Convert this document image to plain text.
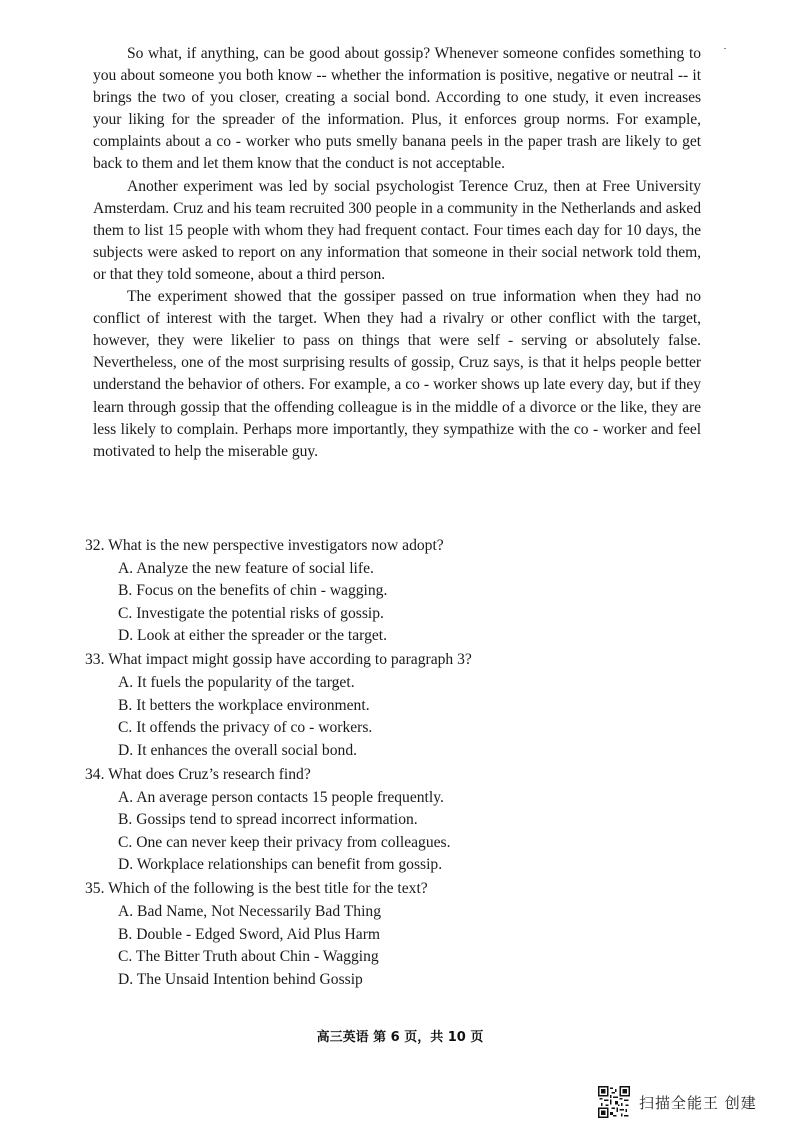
So what, if anything, can be good about gossip? Whenever someone confides something to you about someone you both know -- whether the information is positive, negative or neutral -- it brings the two of you closer, creating a social bond. According to one study, it even increases your liking for the spreader of the information. Plus, it enforces group norms. For example, complaints about a co - worker who puts smelly banana peels in the paper trash are likely to get back to them and let them know that the conduct is not acceptable.

Another experiment was led by social psychologist Terence Cruz, then at Free University Amsterdam. Cruz and his team recruited 300 people in a community in the Netherlands and asked them to list 15 people with whom they had frequent contact. Four times each day for 10 days, the subjects were asked to report on any information that someone in their social network told them, or that they told someone, about a third person.

The experiment showed that the gossiper passed on true information when they had no conflict of interest with the target. When they had a rivalry or other conflict with the target, however, they were likelier to pass on things that were self - serving or absolutely false. Nevertheless, one of the most surprising results of gossip, Cruz says, is that it helps people better understand the behavior of others. For example, a co - worker shows up late every day, but if they learn through gossip that the offending colleague is in the middle of a divorce or the like, they are less likely to complain. Perhaps more importantly, they sympathize with the co - worker and feel motivated to help the miserable guy.

32. What is the new perspective investigators now adopt?

A. Analyze the new feature of social life.

B. Focus on the benefits of chin - wagging.

C. Investigate the potential risks of gossip.

D. Look at either the spreader or the target.

33. What impact might gossip have according to paragraph 3?

A. It fuels the popularity of the target.

B. It betters the workplace environment.

C. It offends the privacy of co - workers.

D. It enhances the overall social bond.

34. What does Cruz’s research find?

A. An average person contacts 15 people frequently.

B. Gossips tend to spread incorrect information.

C. One can never keep their privacy from colleagues.

D. Workplace relationships can benefit from gossip.

35. Which of the following is the best title for the text?

A. Bad Name, Not Necessarily Bad Thing

B. Double - Edged Sword, Aid Plus Harm

C. The Bitter Truth about Chin - Wagging

D. The Unsaid Intention behind Gossip

高三英语 第 6 页，共 10 页
扫描全能王 创建
